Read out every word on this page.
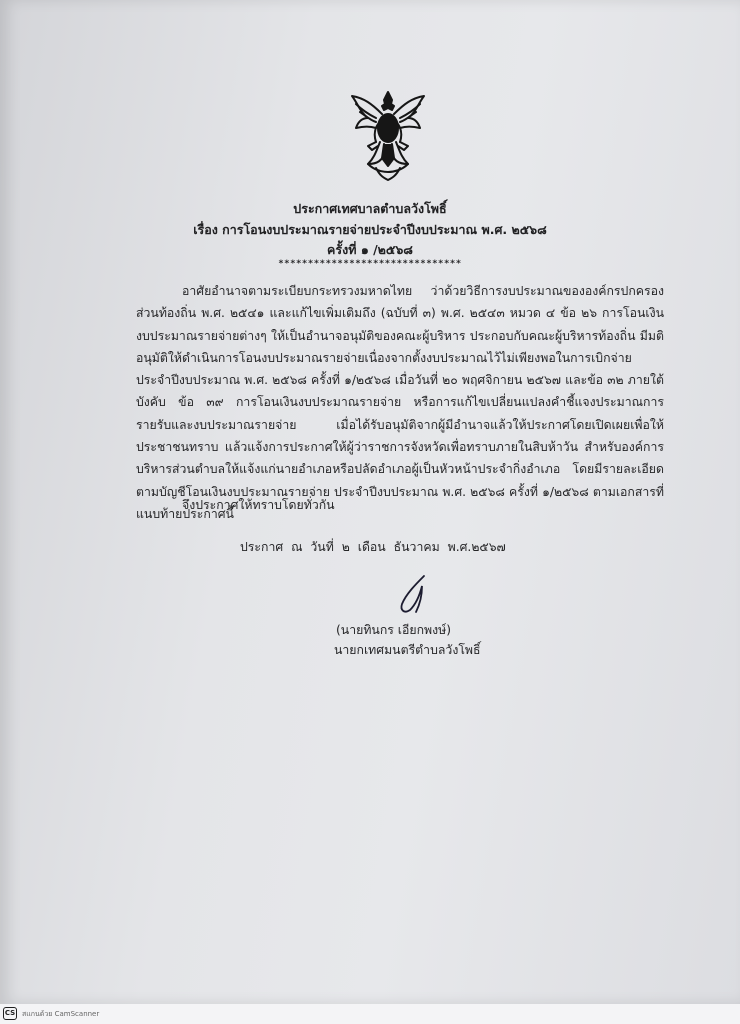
ประกาศเทศบาลตำบลวังโพธิ์
เรื่อง การโอนงบประมาณรายจ่ายประจำปีงบประมาณ พ.ศ. ๒๕๖๘
ครั้งที่ ๑ /๒๕๖๘
*******************************
อาศัยอำนาจตามระเบียบกระทรวงมหาดไทย ว่าด้วยวิธีการงบประมาณขององค์กรปกครองส่วนท้องถิ่น พ.ศ. ๒๕๔๑ และแก้ไขเพิ่มเติมถึง (ฉบับที่ ๓) พ.ศ. ๒๕๔๓ หมวด ๔ ข้อ ๒๖ การโอนเงินงบประมาณรายจ่ายต่างๆ ให้เป็นอำนาจอนุมัติของคณะผู้บริหาร ประกอบกับคณะผู้บริหารท้องถิ่น มีมติอนุมัติให้ดำเนินการโอนงบประมาณรายจ่ายเนื่องจากตั้งงบประมาณไว้ไม่เพียงพอในการเบิกจ่ายประจำปีงบประมาณ พ.ศ. ๒๕๖๘ ครั้งที่ ๑/๒๕๖๘ เมื่อวันที่ ๒๐ พฤศจิกายน ๒๕๖๗ และข้อ ๓๒ ภายใต้บังคับ ข้อ ๓๙ การโอนเงินงบประมาณรายจ่าย หรือการแก้ไขเปลี่ยนแปลงคำชี้แจงประมาณการรายรับและงบประมาณรายจ่าย เมื่อได้รับอนุมัติจากผู้มีอำนาจแล้วให้ประกาศโดยเปิดเผยเพื่อให้ประชาชนทราบ แล้วแจ้งการประกาศให้ผู้ว่าราชการจังหวัดเพื่อทราบภายในสิบห้าวัน สำหรับองค์การบริหารส่วนตำบลให้แจ้งแก่นายอำเภอหรือปลัดอำเภอผู้เป็นหัวหน้าประจำกิ่งอำเภอ โดยมีรายละเอียดตามบัญชีโอนเงินงบประมาณรายจ่าย ประจำปีงบประมาณ พ.ศ. ๒๕๖๘ ครั้งที่ ๑/๒๕๖๘ ตามเอกสารที่แนบท้ายประกาศนี้
จึงประกาศให้ทราบโดยทั่วกัน
ประกาศ ณ วันที่ ๒ เดือน ธันวาคม พ.ศ.๒๕๖๗
(นายทินกร เอียกพงษ์)
นายกเทศมนตรีตำบลวังโพธิ์
CS สแกนด้วย CamScanner
